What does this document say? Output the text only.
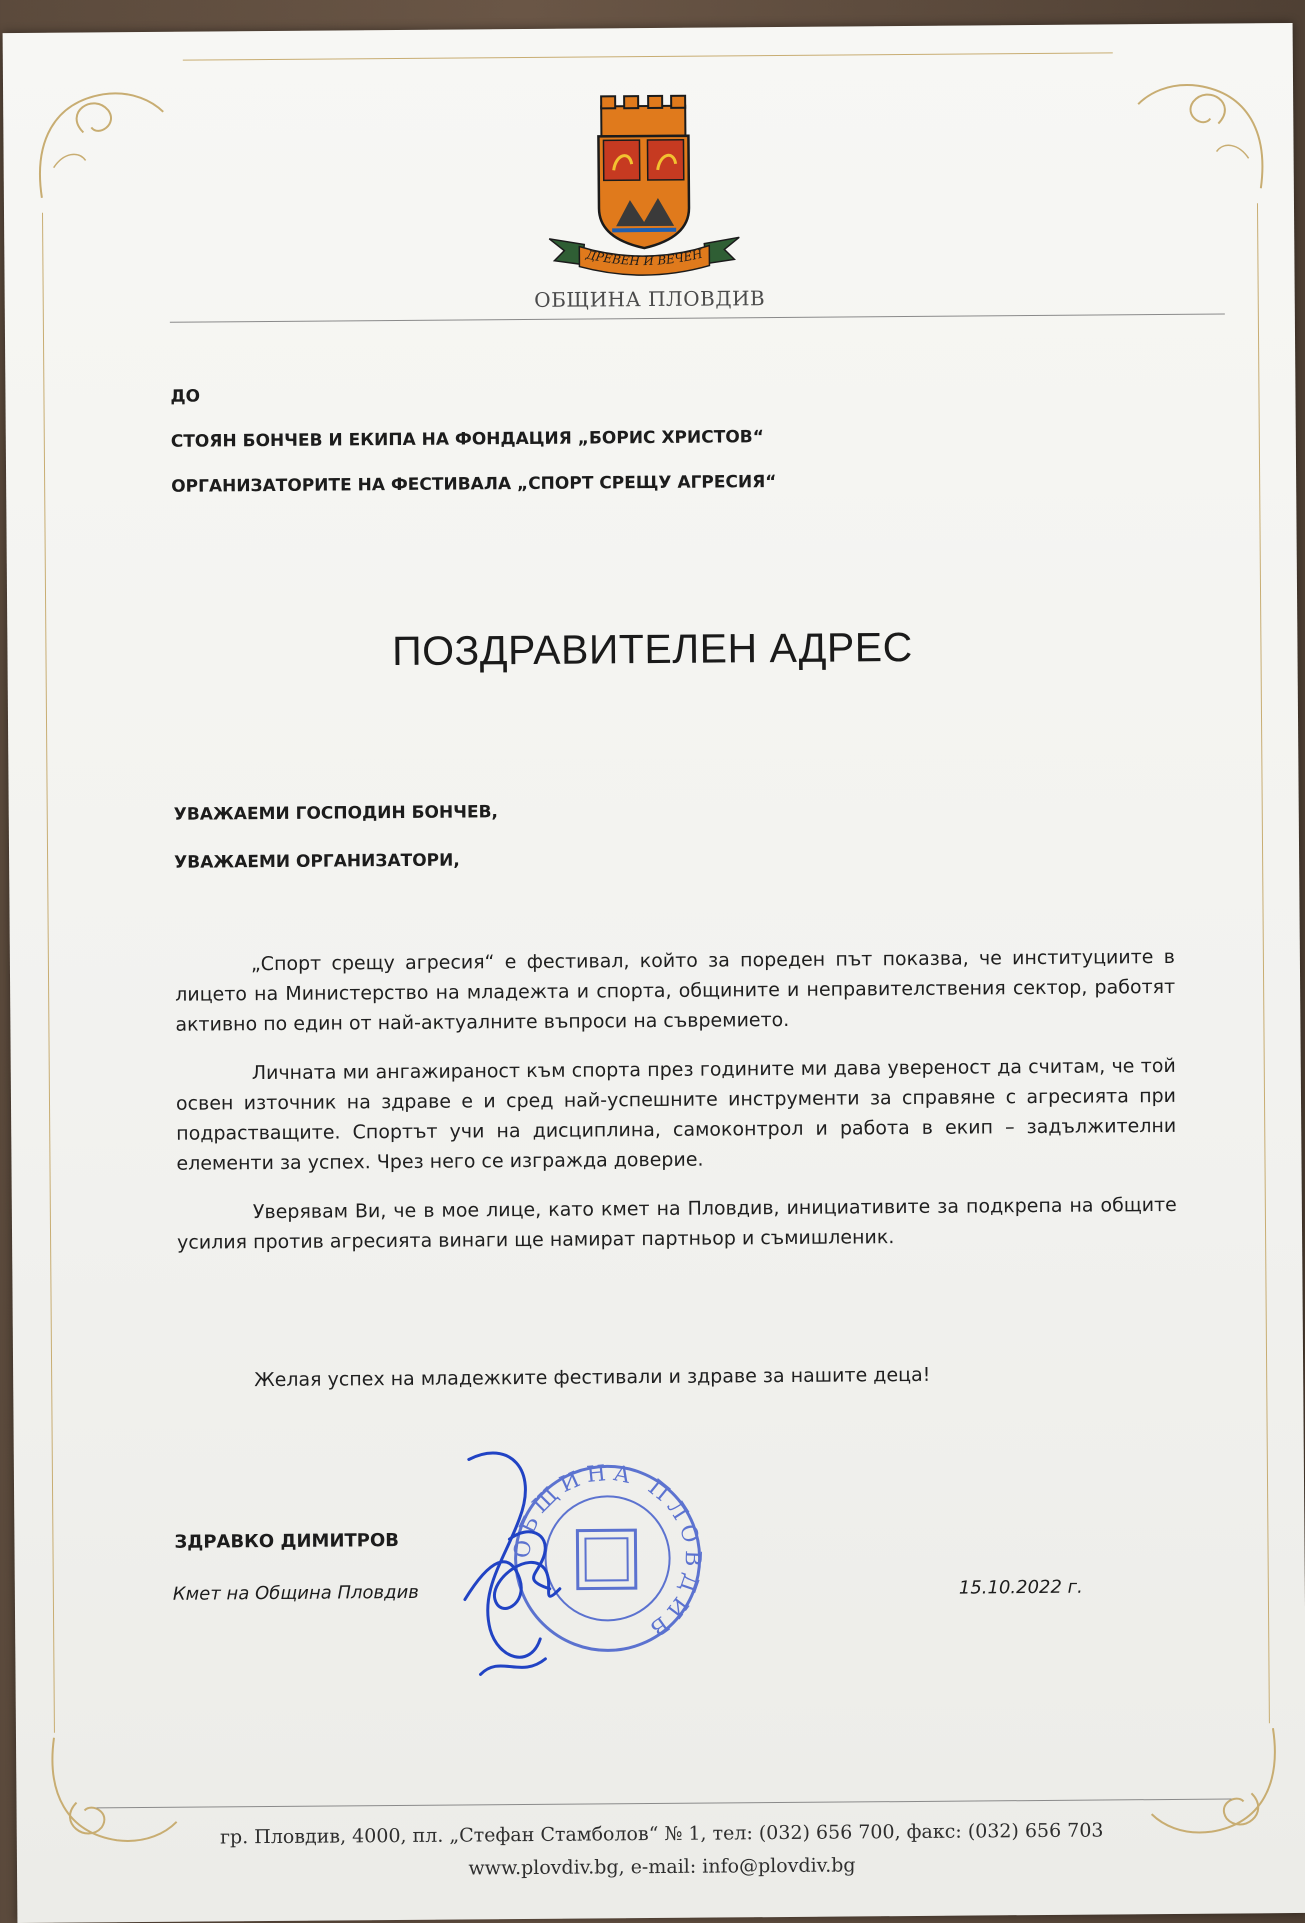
ДРЕВЕН И ВЕЧЕН
ОБЩИНА ПЛОВДИВ
ДО
СТОЯН БОНЧЕВ И ЕКИПА НА ФОНДАЦИЯ „БОРИС ХРИСТОВ“
ОРГАНИЗАТОРИТЕ НА ФЕСТИВАЛА „СПОРТ СРЕЩУ АГРЕСИЯ“
ПОЗДРАВИТЕЛЕН АДРЕС
УВАЖАЕМИ ГОСПОДИН БОНЧЕВ,
УВАЖАЕМИ ОРГАНИЗАТОРИ,

„Спорт срещу агресия“ е фестивал, който за пореден път показва, че институциите в лицето на Министерство на младежта и спорта, общините и неправителствения сектор, работят активно по един от най-актуалните въпроси на съвремието.

Личната ми ангажираност към спорта през годините ми дава увереност да считам, че той освен източник на здраве е и сред най-успешните инструменти за справяне с агресията при подрастващите. Спортът учи на дисциплина, самоконтрол и работа в екип – задължителни елементи за успех. Чрез него се изгражда доверие.

Уверявам Ви, че в мое лице, като кмет на Пловдив, инициативите за подкрепа на общите усилия против агресията винаги ще намират партньор и съмишленик.

Желая успех на младежките фестивали и здраве за нашите деца!
ЗДРАВКО ДИМИТРОВ
Кмет на Община Пловдив	15.10.2022 г.
ОБЩИНА ПЛОВДИВ
гр. Пловдив, 4000, пл. „Стефан Стамболов“ № 1, тел: (032) 656 700, факс: (032) 656 703
www.plovdiv.bg, e-mail: info@plovdiv.bg
